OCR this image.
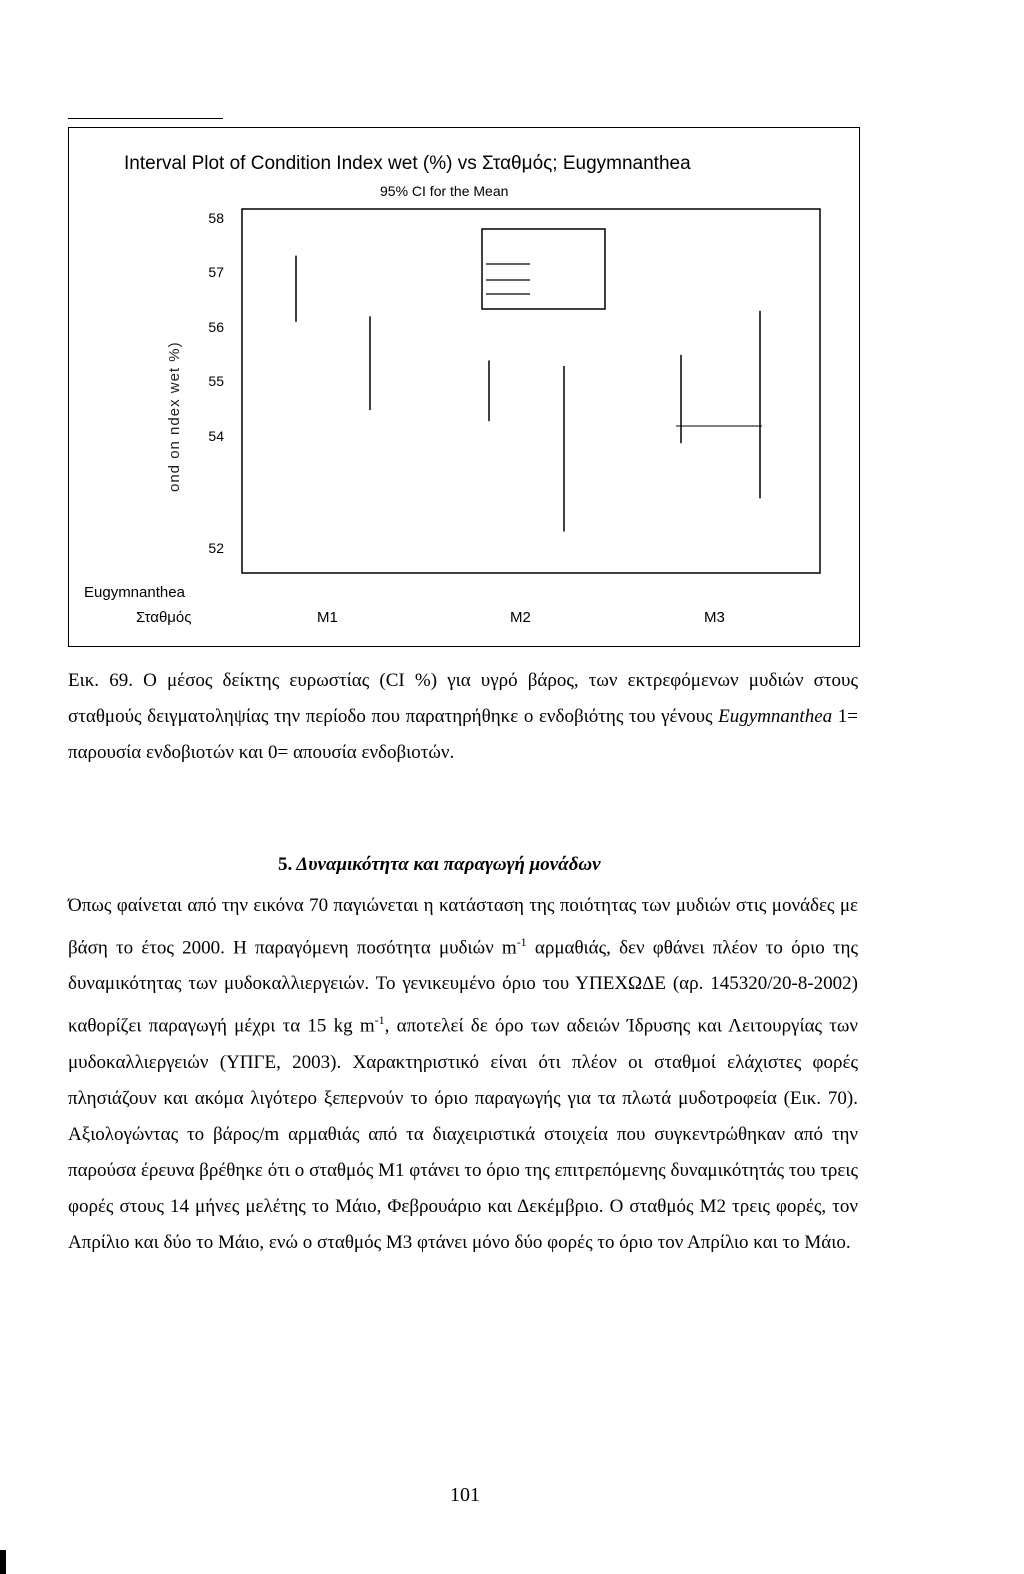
Interval Plot of Condition Index wet (%) vs Σταθμός; Eugymnanthea
95% CI for the Mean
58
57
56
55
54
52
ond on ndex wet %)
Eugymnanthea
Σταθμός	M1	M2	M3
Εικ. 69. Ο μέσος δείκτης ευρωστίας (CI %) για υγρό βάρος, των εκτρεφόμενων μυδιών στους σταθμούς δειγματοληψίας την περίοδο που παρατηρήθηκε ο ενδοβιότης του γένους Eugymnanthea 1= παρουσία ενδοβιοτών και 0= απουσία ενδοβιοτών.
5. Δυναμικότητα και παραγωγή μονάδων

Όπως φαίνεται από την εικόνα 70 παγιώνεται η κατάσταση της ποιότητας των μυδιών στις μονάδες με βάση το έτος 2000. Η παραγόμενη ποσότητα μυδιών $m^{-1}$ αρμαθιάς, δεν φθάνει πλέον το όριο της δυναμικότητας των μυδοκαλλιεργειών. Το γενικευμένο όριο του ΥΠΕΧΩΔΕ (αρ. 145320/20-8-2002) καθορίζει παραγωγή μέχρι τα 15 kg $m^{-1}$, αποτελεί δε όρο των αδειών Ίδρυσης και Λειτουργίας των μυδοκαλλιεργειών (ΥΠΓΕ, 2003). Χαρακτηριστικό είναι ότι πλέον οι σταθμοί ελάχιστες φορές πλησιάζουν και ακόμα λιγότερο ξεπερνούν το όριο παραγωγής για τα πλωτά μυδοτροφεία (Εικ. 70). Αξιολογώντας το βάρος/m αρμαθιάς από τα διαχειριστικά στοιχεία που συγκεντρώθηκαν από την παρούσα έρευνα βρέθηκε ότι ο σταθμός Μ1 φτάνει το όριο της επιτρεπόμενης δυναμικότητάς του τρεις φορές στους 14 μήνες μελέτης το Μάιο, Φεβρουάριο και Δεκέμβριο. Ο σταθμός Μ2 τρεις φορές, τον Απρίλιο και δύο το Μάιο, ενώ ο σταθμός Μ3 φτάνει μόνο δύο φορές το όριο τον Απρίλιο και το Μάιο.

101
